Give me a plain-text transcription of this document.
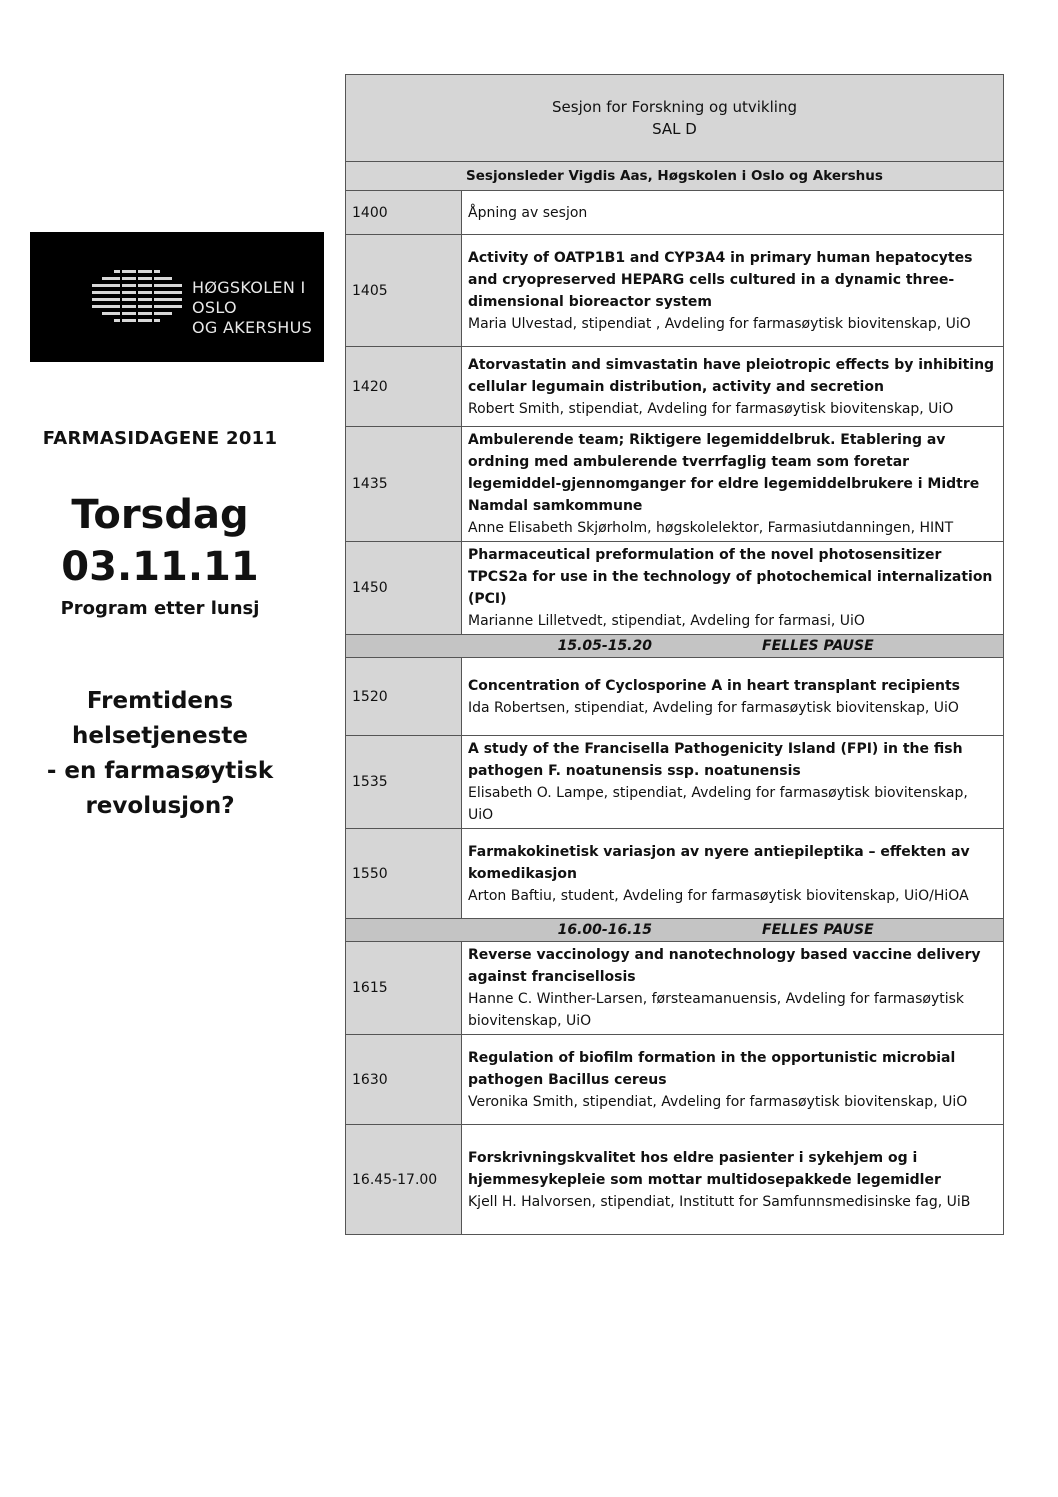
HØGSKOLEN I OSLO
OG AKERSHUS
FARMASIDAGENE 2011
Torsdag
03.11.11
Program etter lunsj
Fremtidens
helsetjeneste
- en farmasøytisk
revolusjon?
Sesjon for Forskning og utvikling
SAL D	

Sesjonsleder Vigdis Aas, Høgskolen i Oslo og Akershus	
1400	Åpning av sesjon

1405	Activity of OATP1B1 and CYP3A4 in primary human hepatocytes and cryopreserved HEPARG cells cultured in a dynamic three-dimensional bioreactor system
Maria Ulvestad, stipendiat , Avdeling for farmasøytisk biovitenskap, UiO

1420	Atorvastatin and simvastatin have pleiotropic effects by inhibiting cellular legumain distribution, activity and secretion
Robert Smith, stipendiat, Avdeling for farmasøytisk biovitenskap, UiO

1435	Ambulerende team; Riktigere legemiddelbruk. Etablering av ordning med ambulerende tverrfaglig team som foretar legemiddel-gjennomganger for eldre legemiddelbrukere i Midtre Namdal samkommune
Anne Elisabeth Skjørholm, høgskolelektor, Farmasiutdanningen, HINT

1450	Pharmaceutical preformulation of the novel photosensitizer TPCS2a for use in the technology of photochemical internalization (PCI)
Marianne Lilletvedt, stipendiat, Avdeling for farmasi, UiO

15.05-15.20 FELLES PAUSE	
1520	Concentration of Cyclosporine A in heart transplant recipients
Ida Robertsen, stipendiat, Avdeling for farmasøytisk biovitenskap, UiO

1535	A study of the Francisella Pathogenicity Island (FPI) in the fish pathogen F. noatunensis ssp. noatunensis
Elisabeth O. Lampe, stipendiat, Avdeling for farmasøytisk biovitenskap, UiO

1550	Farmakokinetisk variasjon av nyere antiepileptika – effekten av komedikasjon
Arton Baftiu, student, Avdeling for farmasøytisk biovitenskap, UiO/HiOA

16.00-16.15 FELLES PAUSE	
1615	Reverse vaccinology and nanotechnology based vaccine delivery against francisellosis
Hanne C. Winther-Larsen, førsteamanuensis, Avdeling for farmasøytisk biovitenskap, UiO

1630	Regulation of biofilm formation in the opportunistic microbial pathogen Bacillus cereus
Veronika Smith, stipendiat, Avdeling for farmasøytisk biovitenskap, UiO

16.45-17.00	Forskrivningskvalitet hos eldre pasienter i sykehjem og i hjemmesykepleie som mottar multidosepakkede legemidler
Kjell H. Halvorsen, stipendiat, Institutt for Samfunnsmedisinske fag, UiB
